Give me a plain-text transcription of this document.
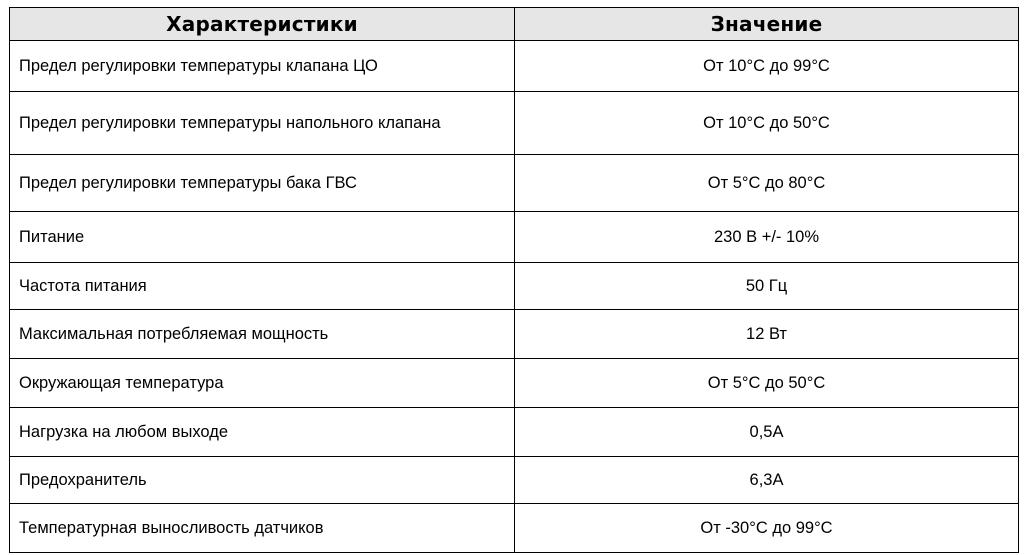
Характеристики	Значение
Предел регулировки температуры клапана ЦО	От 10°C до 99°C
Предел регулировки температуры напольного клапана	От 10°C до 50°C
Предел регулировки температуры бака ГВС	От 5°C до 80°C
Питание	230 В +/- 10%
Частота питания	50 Гц
Максимальная потребляемая мощность	12 Вт
Окружающая температура	От 5°C до 50°C
Нагрузка на любом выходе	0,5А
Предохранитель	6,3А
Температурная выносливость датчиков	От -30°C до 99°C
